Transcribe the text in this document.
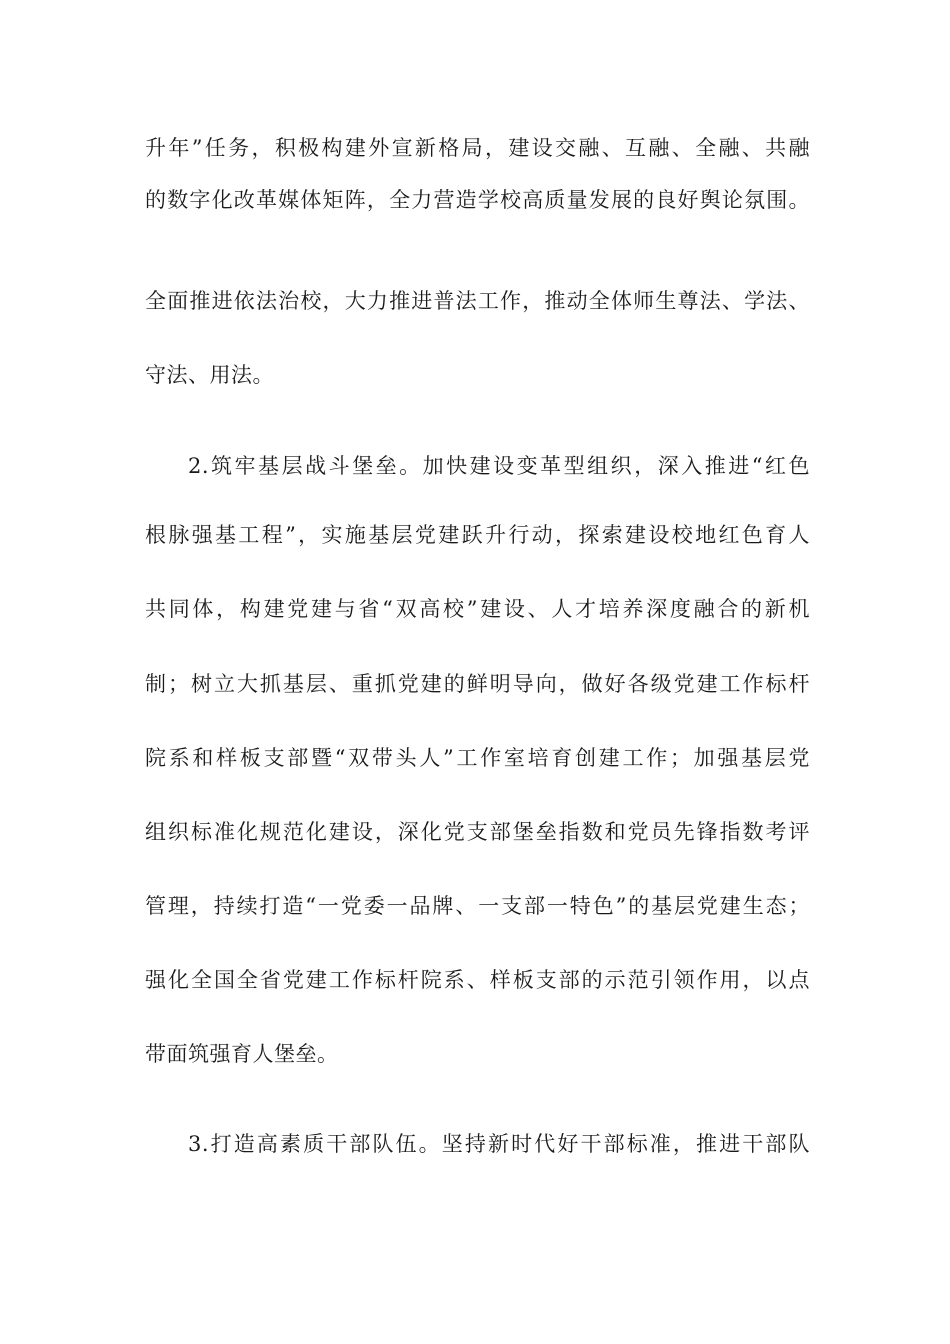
升年”任务，积极构建外宣新格局，建设交融、互融、全融、共融
的数字化改革媒体矩阵，全力营造学校高质量发展的良好舆论氛围。
全面推进依法治校，大力推进普法工作，推动全体师生尊法、学法、
守法、用法。
2.筑牢基层战斗堡垒。加快建设变革型组织，深入推进“红色
根脉强基工程”，实施基层党建跃升行动，探索建设校地红色育人
共同体，构建党建与省“双高校”建设、人才培养深度融合的新机
制；树立大抓基层、重抓党建的鲜明导向，做好各级党建工作标杆
院系和样板支部暨“双带头人”工作室培育创建工作；加强基层党
组织标准化规范化建设，深化党支部堡垒指数和党员先锋指数考评
管理，持续打造“一党委一品牌、一支部一特色”的基层党建生态；
强化全国全省党建工作标杆院系、样板支部的示范引领作用，以点
带面筑强育人堡垒。
3.打造高素质干部队伍。坚持新时代好干部标准，推进干部队
